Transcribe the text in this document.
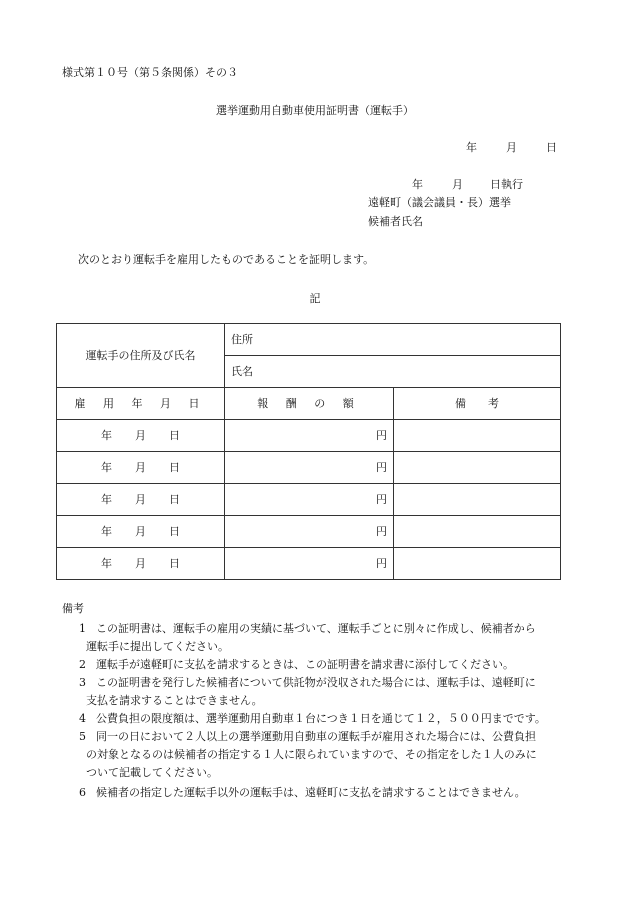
様式第１０号（第５条関係）その３
選挙運動用自動車使用証明書（運転手）
年	月	日
年	月 日執行
遠軽町（議会議員・長）選挙
候補者氏名
次のとおり運転手を雇用したものであることを証明します。
記
運転手の住所及び氏名	住所	
	氏名	
雇 用 年 月 日	報 酬 の 額	備　　考
年 月 日	円	
年 月 日	円	
年 月 日	円	
年 月 日	円	
年 月 日	円	
備考
1 この証明書は、運転手の雇用の実績に基づいて、運転手ごとに別々に作成し、候補者から
運転手に提出してください。
2 運転手が遠軽町に支払を請求するときは、この証明書を請求書に添付してください。
3 この証明書を発行した候補者について供託物が没収された場合には、運転手は、遠軽町に
支払を請求することはできません。
4 公費負担の限度額は、選挙運動用自動車１台につき１日を通じて１２，５００円までです。
5 同一の日において２人以上の選挙運動用自動車の運転手が雇用された場合には、公費負担
の対象となるのは候補者の指定する１人に限られていますので、その指定をした１人のみに
ついて記載してください。
6 候補者の指定した運転手以外の運転手は、遠軽町に支払を請求することはできません。
